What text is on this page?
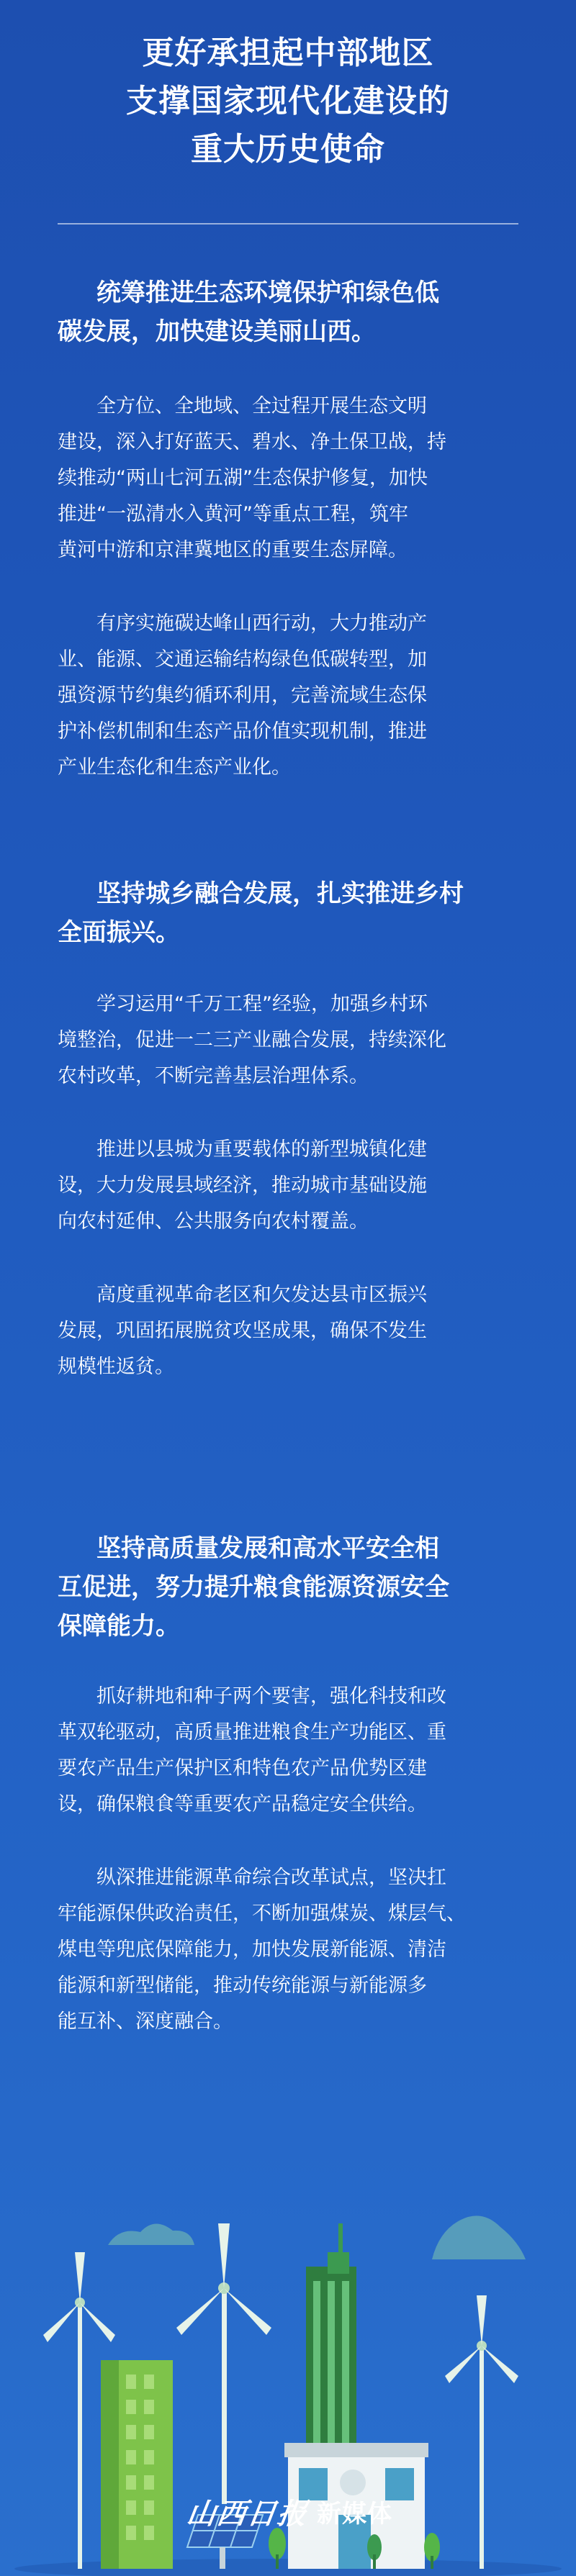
更好承担起中部地区
支撑国家现代化建设的
重大历史使命

统筹推进生态环境保护和绿色低
碳发展，加快建设美丽山西。

全方位、全地域、全过程开展生态文明
建设，深入打好蓝天、碧水、净土保卫战，持
续推动“两山七河五湖”生态保护修复，加快
推进“一泓清水入黄河”等重点工程，筑牢
黄河中游和京津冀地区的重要生态屏障。

有序实施碳达峰山西行动，大力推动产
业、能源、交通运输结构绿色低碳转型，加
强资源节约集约循环利用，完善流域生态保
护补偿机制和生态产品价值实现机制，推进
产业生态化和生态产业化。

坚持城乡融合发展，扎实推进乡村
全面振兴。

学习运用“千万工程”经验，加强乡村环
境整治，促进一二三产业融合发展，持续深化
农村改革，不断完善基层治理体系。

推进以县城为重要载体的新型城镇化建
设，大力发展县域经济，推动城市基础设施
向农村延伸、公共服务向农村覆盖。

高度重视革命老区和欠发达县市区振兴
发展，巩固拓展脱贫攻坚成果，确保不发生
规模性返贫。

坚持高质量发展和高水平安全相
互促进，努力提升粮食能源资源安全
保障能力。

抓好耕地和种子两个要害，强化科技和改
革双轮驱动，高质量推进粮食生产功能区、重
要农产品生产保护区和特色农产品优势区建
设，确保粮食等重要农产品稳定安全供给。

纵深推进能源革命综合改革试点，坚决扛
牢能源保供政治责任，不断加强煤炭、煤层气、
煤电等兜底保障能力，加快发展新能源、清洁
能源和新型储能，推动传统能源与新能源多
能互补、深度融合。

山西日报 新媒体
